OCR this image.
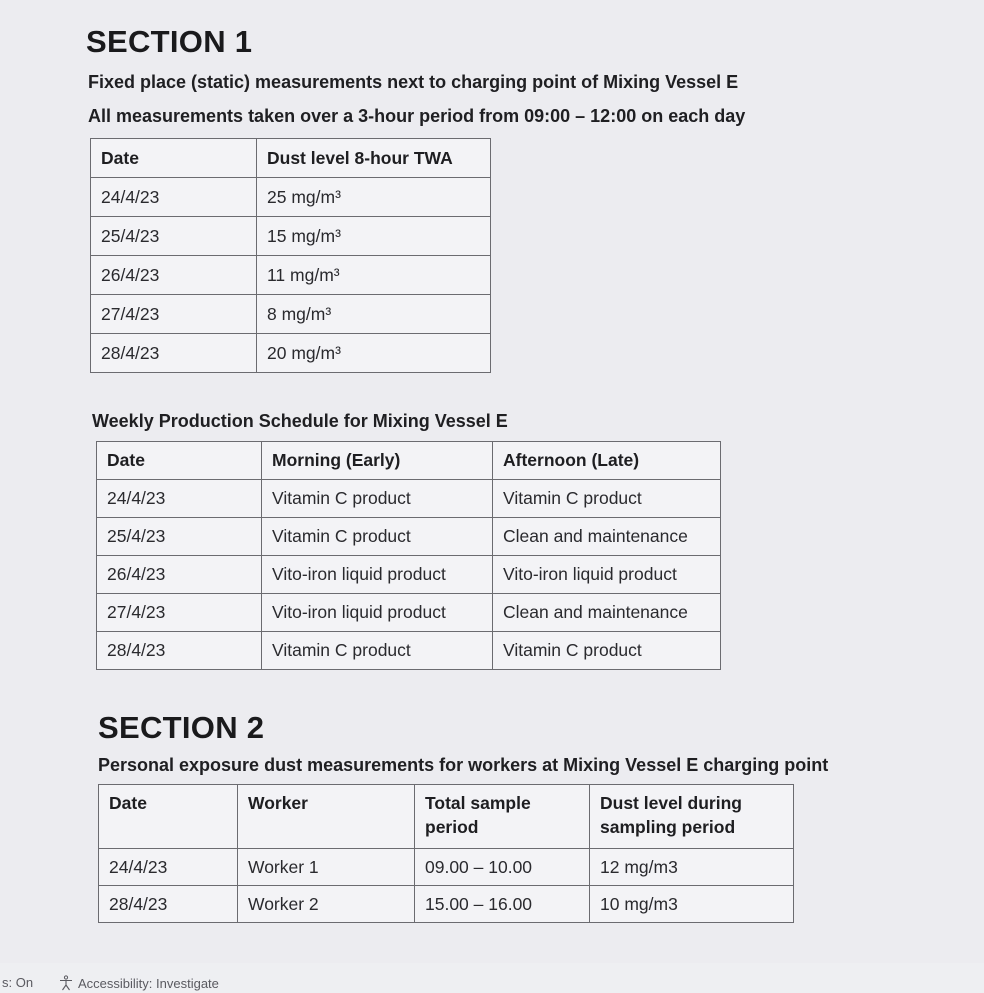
SECTION 1
Fixed place (static) measurements next to charging point of Mixing Vessel E
All measurements taken over a 3-hour period from 09:00 – 12:00 on each day
Date	Dust level 8-hour TWA
24/4/23	25 mg/m³
25/4/23	15 mg/m³
26/4/23	11 mg/m³
27/4/23	8 mg/m³
28/4/23	20 mg/m³
Weekly Production Schedule for Mixing Vessel E
Date	Morning (Early)	Afternoon (Late)
24/4/23	Vitamin C product	Vitamin C product
25/4/23	Vitamin C product	Clean and maintenance
26/4/23	Vito-iron liquid product	Vito-iron liquid product
27/4/23	Vito-iron liquid product	Clean and maintenance
28/4/23	Vitamin C product	Vitamin C product
SECTION 2
Personal exposure dust measurements for workers at Mixing Vessel E charging point
Date	Worker	Total sample period	Dust level during sampling period
24/4/23	Worker 1	09.00 – 10.00	12 mg/m3
28/4/23	Worker 2	15.00 – 16.00	10 mg/m3
s: On	Accessibility: Investigate
